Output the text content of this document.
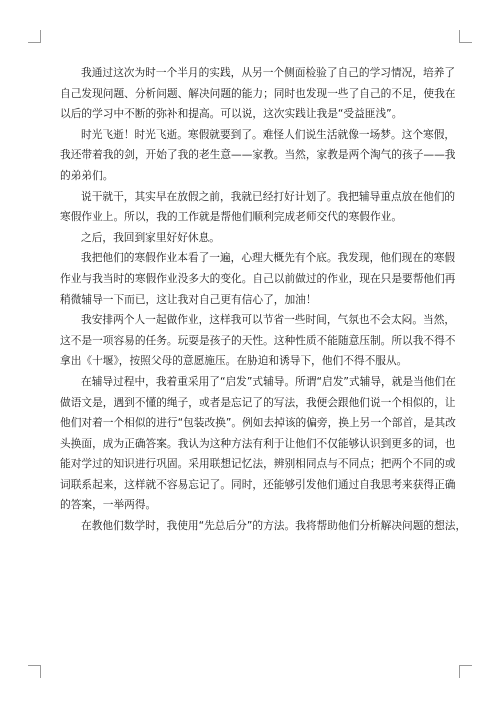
我通过这次为时一个半月的实践，从另一个侧面检验了自己的学习情况，培养了
自己发现问题、分析问题、解决问题的能力；同时也发现一些了自己的不足，使我在
以后的学习中不断的弥补和提高。可以说，这次实践让我是“受益匪浅”。
时光飞逝！时光飞逝。寒假就要到了。难怪人们说生活就像一场梦。这个寒假，
我还带着我的剑，开始了我的老生意——家教。当然，家教是两个淘气的孩子——我
的弟弟们。
说干就干，其实早在放假之前，我就已经打好计划了。我把辅导重点放在他们的
寒假作业上。所以，我的工作就是帮他们顺利完成老师交代的寒假作业。
之后，我回到家里好好休息。
我把他们的寒假作业本看了一遍，心理大概先有个底。我发现，他们现在的寒假
作业与我当时的寒假作业没多大的变化。自己以前做过的作业，现在只是要帮他们再
稍微辅导一下而已，这让我对自己更有信心了，加油！
我安排两个人一起做作业，这样我可以节省一些时间，气氛也不会太闷。当然，
这不是一项容易的任务。玩耍是孩子的天性。这种性质不能随意压制。所以我不得不
拿出《十堰》，按照父母的意愿施压。在胁迫和诱导下，他们不得不服从。
在辅导过程中，我着重采用了“启发”式辅导。所谓“启发”式辅导，就是当他们在
做语文是，遇到不懂的绳子，或者是忘记了的写法，我便会跟他们说一个相似的，让
他们对着一个相似的进行“包装改换”。例如去掉该的偏旁，换上另一个部首，是其改
头换面，成为正确答案。我认为这种方法有利于让他们不仅能够认识到更多的词，也
能对学过的知识进行巩固。采用联想记忆法，辨别相同点与不同点；把两个不同的或
词联系起来，这样就不容易忘记了。同时，还能够引发他们通过自我思考来获得正确
的答案，一举两得。
在教他们数学时，我使用“先总后分”的方法。我将帮助他们分析解决问题的想法，
